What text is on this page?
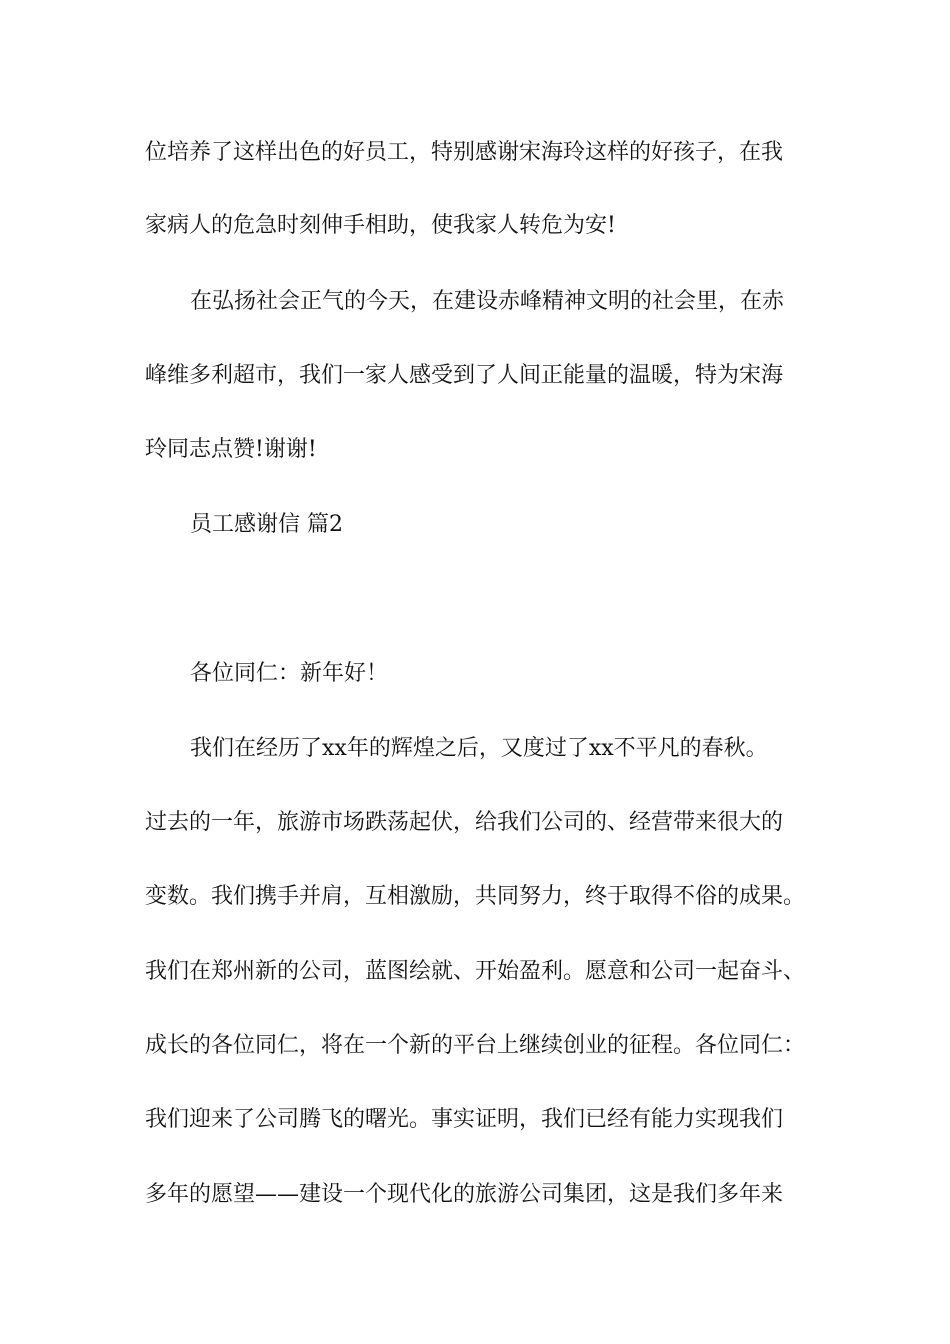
位培养了这样出色的好员工，特别感谢宋海玲这样的好孩子，在我

家病人的危急时刻伸手相助，使我家人转危为安!

在弘扬社会正气的今天，在建设赤峰精神文明的社会里，在赤

峰维多利超市，我们一家人感受到了人间正能量的温暖，特为宋海

玲同志点赞!谢谢!

员工感谢信 篇2

各位同仁：新年好！

我们在经历了xx年的辉煌之后，又度过了xx不平凡的春秋。

过去的一年，旅游市场跌荡起伏，给我们公司的、经营带来很大的

变数。我们携手并肩，互相激励，共同努力，终于取得不俗的成果。

我们在郑州新的公司，蓝图绘就、开始盈利。愿意和公司一起奋斗、

成长的各位同仁，将在一个新的平台上继续创业的征程。各位同仁：

我们迎来了公司腾飞的曙光。事实证明，我们已经有能力实现我们

多年的愿望——建设一个现代化的旅游公司集团，这是我们多年来
